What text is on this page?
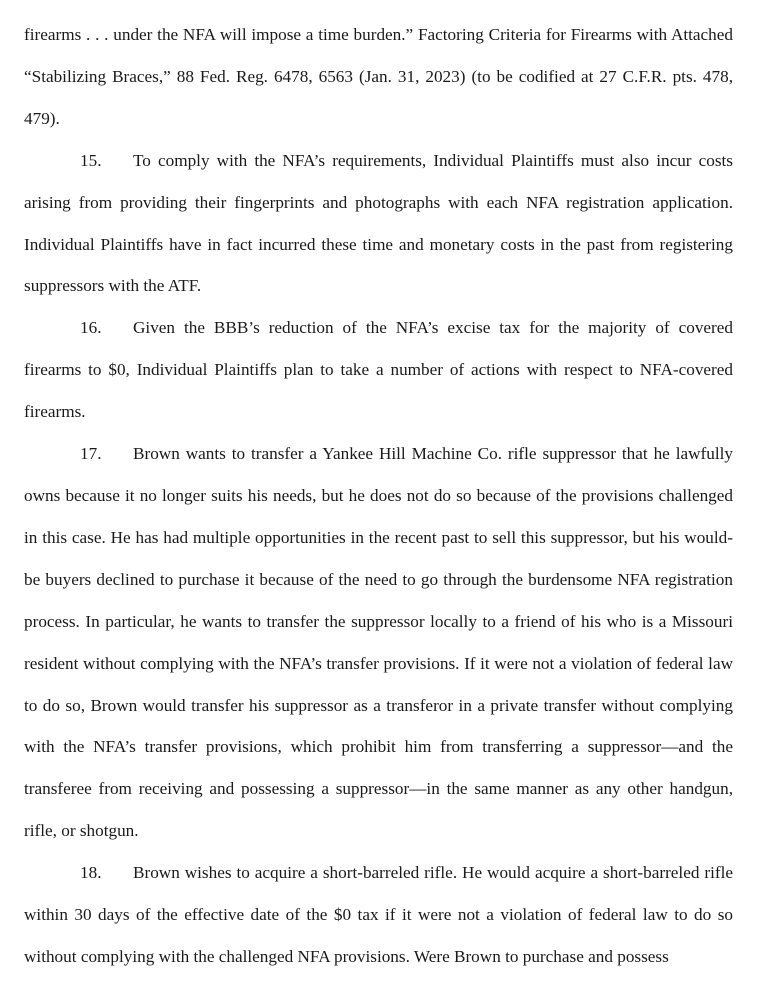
firearms . . . under the NFA will impose a time burden.” Factoring Criteria for Firearms with Attached “Stabilizing Braces,” 88 Fed. Reg. 6478, 6563 (Jan. 31, 2023) (to be codified at 27 C.F.R. pts. 478, 479).

15. To comply with the NFA’s requirements, Individual Plaintiffs must also incur costs arising from providing their fingerprints and photographs with each NFA registration application. Individual Plaintiffs have in fact incurred these time and monetary costs in the past from registering suppressors with the ATF.

16. Given the BBB’s reduction of the NFA’s excise tax for the majority of covered firearms to $0, Individual Plaintiffs plan to take a number of actions with respect to NFA-covered firearms.

17. Brown wants to transfer a Yankee Hill Machine Co. rifle suppressor that he lawfully owns because it no longer suits his needs, but he does not do so because of the provisions challenged in this case. He has had multiple opportunities in the recent past to sell this suppressor, but his would-be buyers declined to purchase it because of the need to go through the burdensome NFA registration process. In particular, he wants to transfer the suppressor locally to a friend of his who is a Missouri resident without complying with the NFA’s transfer provisions. If it were not a violation of federal law to do so, Brown would transfer his suppressor as a transferor in a private transfer without complying with the NFA’s transfer provisions, which prohibit him from transferring a suppressor—and the transferee from receiving and possessing a suppressor—in the same manner as any other handgun, rifle, or shotgun.

18. Brown wishes to acquire a short-barreled rifle. He would acquire a short-barreled rifle within 30 days of the effective date of the $0 tax if it were not a violation of federal law to do so without complying with the challenged NFA provisions. Were Brown to purchase and possess
